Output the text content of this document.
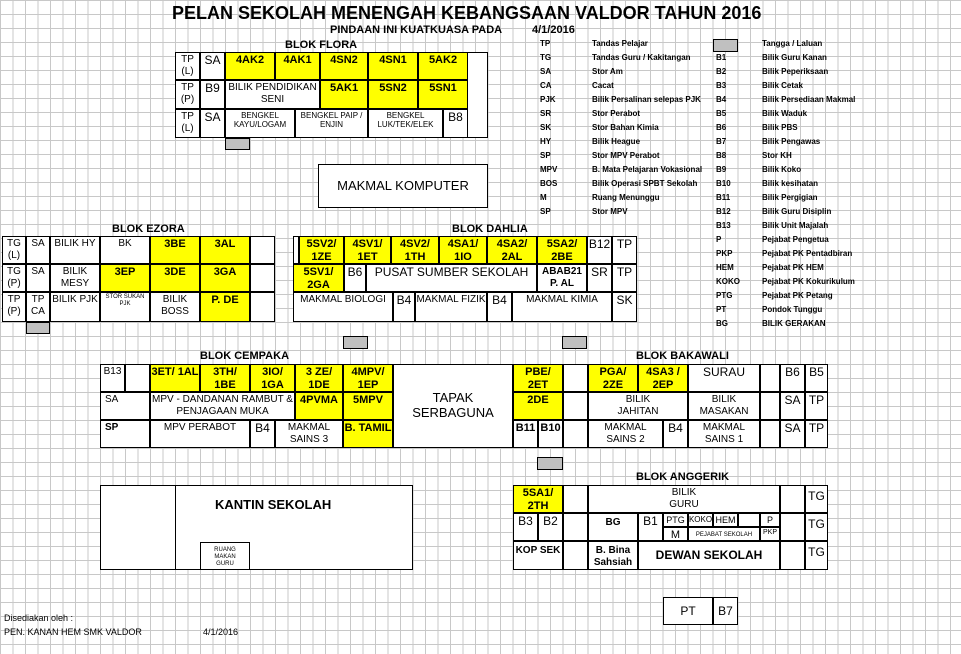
PELAN SEKOLAH MENENGAH KEBANGSAAN VALDOR TAHUN 2016
PINDAAN INI KUATKUASA PADA	4/1/2016
BLOK FLORA
TP (L)
SA	4AK2	4AK1	4SN2	4SN1	5AK2
TP (P)
B9 BILIK PENDIDIKAN SENI
5AK1	5SN2	5SN1
TP (L)
SA	BENGKEL KAYU/LOGAM
BENGKEL PAIP / ENJIN
BENGKEL LUK/TEK/ELEK
B8
MAKMAL KOMPUTER
BLOK EZORA
TG (L)
SA BILIK HY	BK	3BE	3AL
TG (P)
SA	BILIK MESY
3EP	3DE	3GA
TP (P)
TP CA
BILIK PJK	STOR SUKAN PJK	BILIK BOSS
P. DE
BLOK DAHLIA
5SV2/ 1ZE
4SV1/ 1ET
4SV2/ 1TH
4SA1/ 1IO
4SA2/ 2AL
5SA2/ 2BE
B12 TP
5SV1/ 2GA
B6	PUSAT SUMBER SEKOLAH	ABAB21 P. AL
SR TP
MAKMAL BIOLOGI B4 MAKMAL FIZIK B4	MAKMAL KIMIA	SK
BLOK CEMPAKA
B13	3ET/ 1AL	3TH/ 1BE
3IO/ 1GA
3 ZE/ 1DE
4MPV/ 1EP
SA	MPV - DANDANAN RAMBUT & PENJAGAAN MUKA
4PVMA	5MPV
SP	MPV PERABOT	B4	MAKMAL SAINS 3
B. TAMIL
TAPAK SERBAGUNA
BLOK BAKAWALI
PBE/ 2ET
PGA/ 2ZE
4SA3 / 2EP
SURAU	B6 B5
2DE	BILIK JAHITAN
BILIK MASAKAN
SA TP
B11 B10	MAKMAL SAINS 2
B4	MAKMAL SAINS 1
SA TP
KANTIN SEKOLAH
RUANG MAKAN GURU
BLOK ANGGERIK
5SA1/ 2TH
BILIK GURU
TG
B3 B2	BG	B1 PTG KOKO HEM	P
M	PEJABAT SEKOLAH	PKP
TG
KOP SEK	B. Bina Sahsiah	DEWAN SEKOLAH	TG
PT B7
Disediakan oleh :
PEN. KANAN HEM SMK VALDOR	4/1/2016
TP	Tandas Pelajar
TG	Tandas Guru / Kakitangan
SA	Stor Am
CA	Cacat
PJK	Bilik Persalinan selepas PJK
SR	Stor Perabot
SK	Stor Bahan Kimia
HY	Bilik Heague
SP	Stor MPV Perabot
MPV	B. Mata Pelajaran Vokasional
BOS	Bilik Operasi SPBT Sekolah
M	Ruang Menunggu
SP	Stor MPV
Tangga / Laluan
B1	Bilik Guru Kanan
B2	Bilik Peperiksaan
B3	Bilik Cetak
B4	Bilik Persediaan Makmal
B5	Bilik Waduk
B6	Bilik PBS
B7	Bilik Pengawas
B8	Stor KH
B9	Bilik Koko
B10	Bilik kesihatan
B11	Bilik Pergigian
B12	Bilik Guru Disiplin
B13	Bilik Unit Majalah
P	Pejabat Pengetua
PKP	Pejabat PK Pentadbiran
HEM	Pejabat PK HEM
KOKO	Pejabat PK Kokurikulum
PTG	Pejabat PK Petang
PT	Pondok Tunggu
BG	BILIK GERAKAN
